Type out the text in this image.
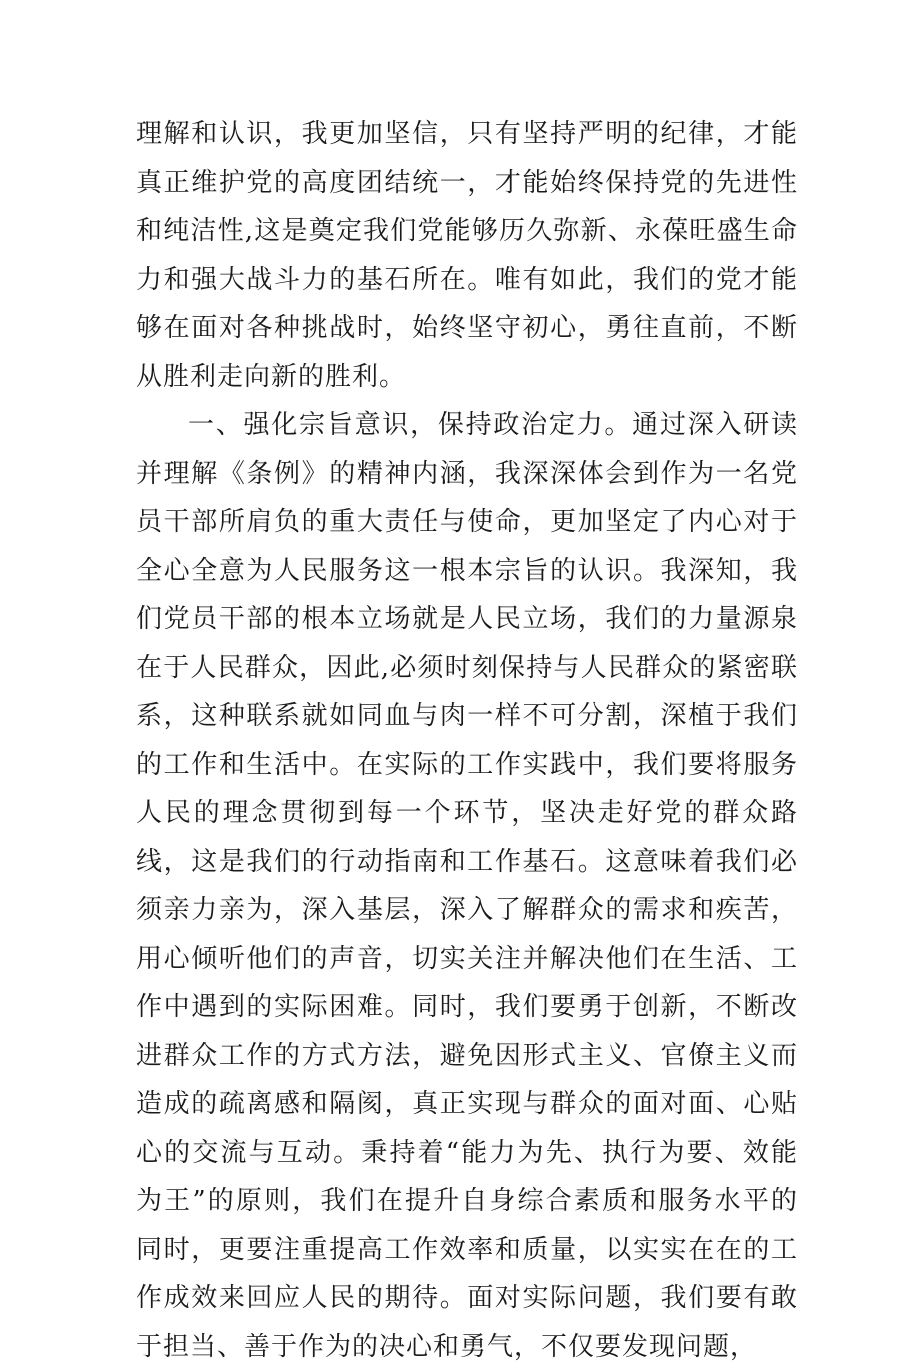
理解和认识，我更加坚信，只有坚持严明的纪律，才能真正维护党的高度团结统一，才能始终保持党的先进性和纯洁性,这是奠定我们党能够历久弥新、永葆旺盛生命力和强大战斗力的基石所在。唯有如此，我们的党才能够在面对各种挑战时，始终坚守初心，勇往直前，不断从胜利走向新的胜利。

一、强化宗旨意识，保持政治定力。通过深入研读并理解《条例》的精神内涵，我深深体会到作为一名党员干部所肩负的重大责任与使命，更加坚定了内心对于全心全意为人民服务这一根本宗旨的认识。我深知，我们党员干部的根本立场就是人民立场，我们的力量源泉在于人民群众，因此,必须时刻保持与人民群众的紧密联系，这种联系就如同血与肉一样不可分割，深植于我们的工作和生活中。在实际的工作实践中，我们要将服务人民的理念贯彻到每一个环节，坚决走好党的群众路线，这是我们的行动指南和工作基石。这意味着我们必须亲力亲为，深入基层，深入了解群众的需求和疾苦，用心倾听他们的声音，切实关注并解决他们在生活、工作中遇到的实际困难。同时，我们要勇于创新，不断改进群众工作的方式方法，避免因形式主义、官僚主义而造成的疏离感和隔阂，真正实现与群众的面对面、心贴心的交流与互动。秉持着“能力为先、执行为要、效能为王”的原则，我们在提升自身综合素质和服务水平的同时，更要注重提高工作效率和质量，以实实在在的工作成效来回应人民的期待。面对实际问题，我们要有敢于担当、善于作为的决心和勇气，不仅要发现问题，
